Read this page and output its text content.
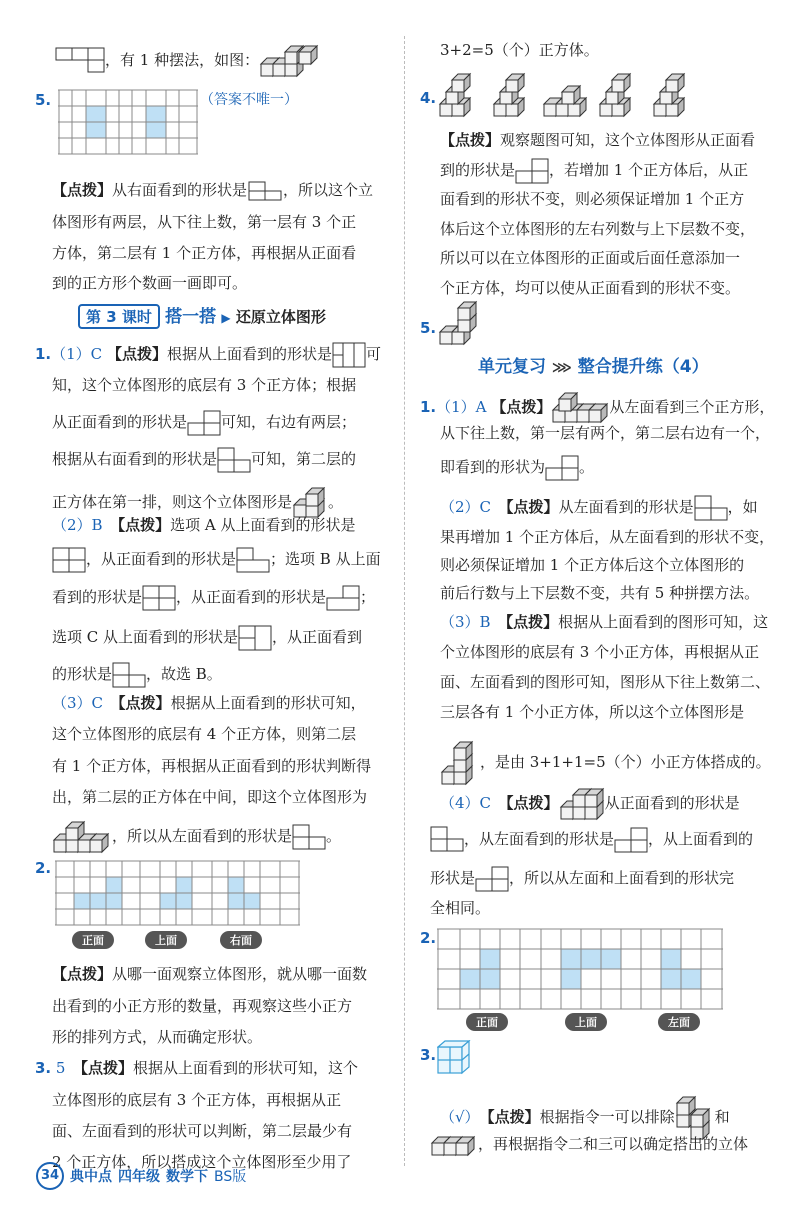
，有 1 种摆法，如图：
5.	（答案不唯一）
【点拨】从右面看到的形状是 ，所以这个立
体图形有两层，从下往上数，第一层有 3 个正
方体，第二层有 1 个正方体，再根据从正面看
到的正方形个数画一画即可。
第 3 课时 搭一搭 ▶ 还原立体图形
1.（1）C 【点拨】根据从上面看到的形状是 可
知，这个立体图形的底层有 3 个正方体；根据
从正面看到的形状是 可知，右边有两层；
根据从右面看到的形状是 可知，第二层的
正方体在第一排，则这个立体图形是 。
（2）B　 【点拨】选项 A 从上面看到的形状是
，从正面看到的形状是 ；选项 B 从上面
看到的形状是 ，从正面看到的形状是 ；
选项 C 从上面看到的形状是 ，从正面看到
的形状是 ，故选 B。
（3）C　 【点拨】根据从上面看到的形状可知，
这个立体图形的底层有 4 个正方体，则第二层
有 1 个正方体，再根据从正面看到的形状判断得
出，第二层的正方体在中间，即这个立体图形为
，所以从左面看到的形状是 。
2.
正面	上面	右面
【点拨】从哪一面观察立体图形，就从哪一面数
出看到的小正方形的数量，再观察这些小正方
形的排列方式，从而确定形状。
3. 5　 【点拨】根据从上面看到的形状可知，这个
立体图形的底层有 3 个正方体，再根据从正
面、左面看到的形状可以判断，第二层最少有
2 个正方体，所以搭成这个立体图形至少用了
3+2=5（个）正方体。
4.
【点拨】观察题图可知，这个立体图形从正面看
到的形状是 ，若增加 1 个正方体后，从正
面看到的形状不变，则必须保证增加 1 个正方
体后这个立体图形的左右列数与上下层数不变，
所以可以在立体图形的正面或后面任意添加一
个正方体，均可以使从正面看到的形状不变。
5.
单元复习 ⋙ 整合提升练（4）
1.（1）A 【点拨】	从左面看到三个正方形，
从下往上数，第一层有两个，第二层右边有一个，
即看到的形状为 。
（2）C　 【点拨】从左面看到的形状是 ，如
果再增加 1 个正方体后，从左面看到的形状不变，
则必须保证增加 1 个正方体后这个立体图形的
前后行数与上下层数不变，共有 5 种拼摆方法。
（3）B　 【点拨】根据从上面看到的图形可知，这
个立体图形的底层有 3 个小正方体，再根据从正
面、左面看到的图形可知，图形从下往上数第二、
三层各有 1 个小正方体，所以这个立体图形是
，是由 3+1+1=5（个）小正方体搭成的。
（4）C　 【点拨】	从正面看到的形状是
，从左面看到的形状是 ，从上面看到的
形状是 ，所以从左面和上面看到的形状完
全相同。
2.
正面	上面	左面
3.
（√）　 【点拨】根据指令一可以排除	和
，再根据指令二和三可以确定搭出的立体
34 典中点 四年级 数学下 BS版
